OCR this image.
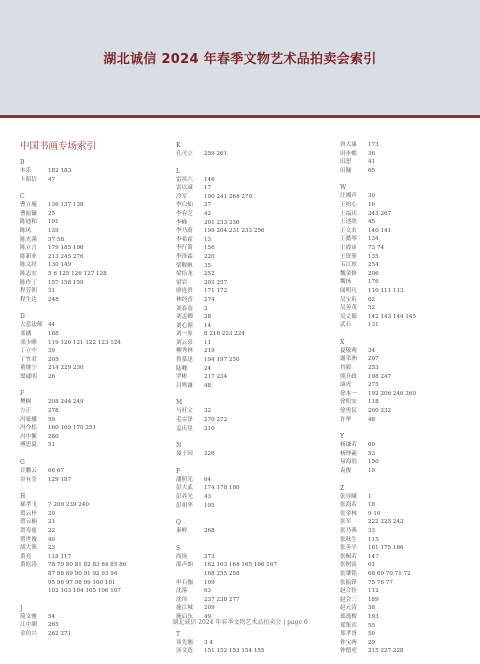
湖北诚信 2024 年春季文物艺术品拍卖会索引
中国书画专场索引
B
本乐	182 183
卜昭信	47
C
曹立庵	136 137 138
曹振镛	25
陈迪和	191
陈风	139
陈光溪	57 58
陈立言	179 185 196
陈新亚	213 245 276
陈义经	130 149
陈志宏	5 6 125 126 127 128
陈作丁	157 158 159
程芳朝	31
程生达	248
D
大悲法师	44
邓涵	188
邓少峰	119 120 121 122 123 124
丁立中	39
丁竹君	205
董继宁	214 229 230
窦诚明	26
F
樊枫	208 244 249
方正	278
冯家骥	59
冯今松	160 169 170 251
冯中衡	280
傅思夏	51
G
甘鹏云	66 67
谷有荃	129 187
H
郝孝飞	7 209 239 240
贺云梓	20
贺云楠	21
贺寿慈	22
贺世俊	40
胡大巽	23
黄亮	118 117
黄松涛	78 79 80 81 82 83 84 85 86
87 88 89 90 91 92 93 94
95 96 97 98 99 100 101
102 103 104 105 106 107
J
简文雅	54
江中潮	265
金伯兴	262 271
K
孔可立	259 261
L
雷滨六	146
雷以诚	17
冷军	190 241 264 279
李白仙	27
李春芝	42
李峰	201 233 236
李乃蔚	199 204 231 233 256
李希霍	13
李行简	156
李泽霖	220
梁鞍帆	35
梁培龙	252
梁岩	203 257
廖连贵	171 172
林经香	274
刘春南	2
刘孟卿	28
刘心源	14
刘一原	8 216 223 224
刘云泉	11
柳秀林	219
鲁慕迅	194 197 250
陆卿	24
罗彬	217 234
吕鸣谦	48
M
马旺文	32
毛宗泽	270 272
孟庆星	210
N
聂干因	226
P
潘照光	64
彭大武	174 178 180
彭养光	43
彭祖华	195
Q
秦岭	268
S
尚扬	273
邵声朗	162 163 164 165 166 167
168 255 258
申石伽	109
沈落	63
沈伟	237 238 277
施江城	209
施启东	49
T
谈先翘	3 4
汤文选	151 152 153 154 155
唐大康	173
田步蟾	36
田恕	41
田镛	65
W
汪湘声	30
王柏心	16
王福庆	243 267
王述欣	45
王文农	140 141
王懿琴	134
王霞宙	73 74
王资鉴	135
韦江琼	254
魏金修	206
魏扬	176
闻明凡	110 111 113
吴宝珩	62
吴善茂	52
吴丈蜀	142 143 144 145
武石	131
X
夏敬观	34
谢采洲	207
肖毅	253
熊开政	198 247
康虎	275
徐本一	192 206 246 260
徐松安	118
徐勇民	200 232
许华	48
Y
杨谦若	60
杨钟羲	53
易海翁	150
袁俊	19
Z
张导曦	1
张海若	18
张金林	9 10
张军	222 225 242
张乃燕	33
张秋生	115
张善平	161 175 186
张桐若	147
张树南	61
张肇铭	68 69 70 71 72
张振铎	75 76 77
赵合俭	112
赵会三	189
赵元涛	38
郑逸梅	193
郑集宾	55
郑孝胥	50
钟宝两	29
钟德虎	215 227 228
湖北诚信 2024 年春季文物艺术品拍卖会 | page 6
